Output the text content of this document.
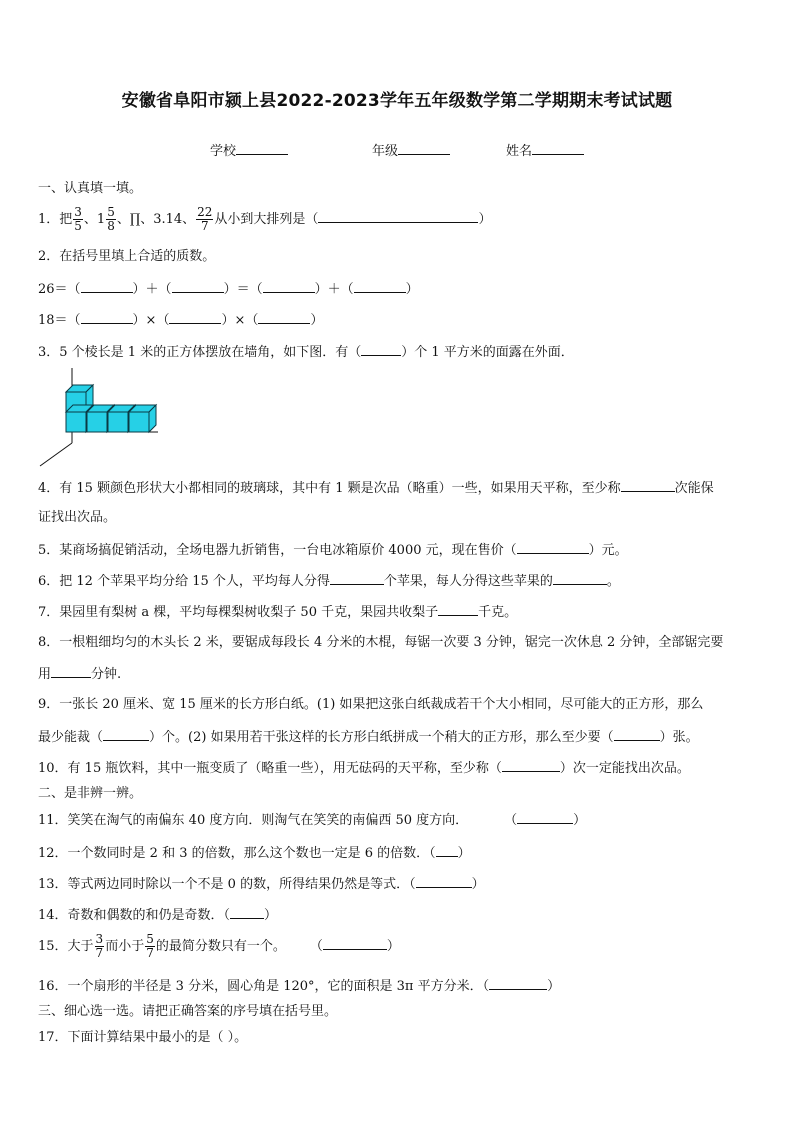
安徽省阜阳市颍上县2022-2023学年五年级数学第二学期期末考试试题
学校	年级	姓名
一、认真填一填。
1．把 $\frac{3}{5}$ 、$1 \frac{5}{8}$ 、∏、3.14、 $\frac{22}{7}$ 从小到大排列是（	）
2．在括号里填上合适的质数。
26＝（	）＋（	）＝（	）＋（	）
18＝（	）×（	）×（	）
3．5 个棱长是 1 米的正方体摆放在墙角，如下图．有（	）个 1 平方米的面露在外面．
4．有 15 颗颜色形状大小都相同的玻璃球，其中有 1 颗是次品（略重）一些，如果用天平称，至少称	次能保
证找出次品。
5．某商场搞促销活动，全场电器九折销售，一台电冰箱原价 4000 元，现在售价（	）元。
6．把 12 个苹果平均分给 15 个人，平均每人分得	个苹果，每人分得这些苹果的	。
7．果园里有梨树 a 棵，平均每棵梨树收梨子 50 千克，果园共收梨子	千克。
8．一根粗细均匀的木头长 2 米，要锯成每段长 4 分米的木棍，每锯一次要 3 分钟，锯完一次休息 2 分钟，全部锯完要
用	分钟.
9．一张长 20 厘米、宽 15 厘米的长方形白纸。(1) 如果把这张白纸裁成若干个大小相同，尽可能大的正方形，那么
最少能裁（	）个。(2) 如果用若干张这样的长方形白纸拼成一个稍大的正方形，那么至少要（	）张。
10．有 15 瓶饮料，其中一瓶变质了（略重一些），用无砝码的天平称，至少称（	）次一定能找出次品。
二、是非辨一辨。
11．笑笑在淘气的南偏东 40 度方向．则淘气在笑笑的南偏西 50 度方向．	（	）
12．一个数同时是 2 和 3 的倍数，那么这个数也一定是 6 的倍数．（ ）
13．等式两边同时除以一个不是 0 的数，所得结果仍然是等式．（	）
14．奇数和偶数的和仍是奇数．（	）
15．大于 $\frac{3}{7}$ 而小于 $\frac{5}{7}$ 的最简分数只有一个。 （	）
16．一个扇形的半径是 3 分米，圆心角是 120°，它的面积是 3π 平方分米．（	）
三、细心选一选。请把正确答案的序号填在括号里。
17．下面计算结果中最小的是（ ）。
